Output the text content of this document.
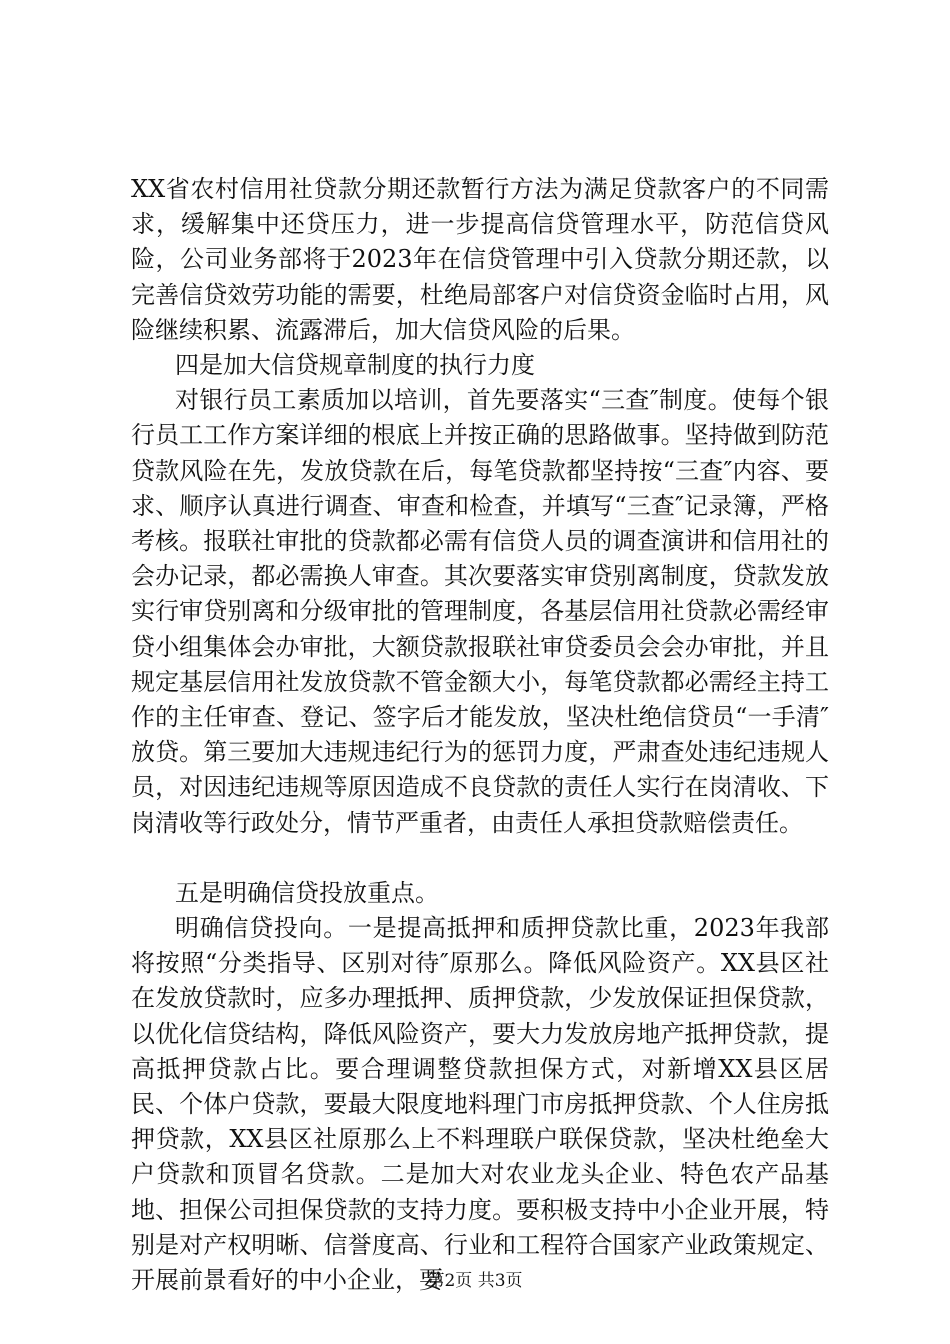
XX省农村信用社贷款分期还款暂行方法为满足贷款客户的不同需求，缓解集中还贷压力，进一步提高信贷管理水平，防范信贷风险，公司业务部将于2023年在信贷管理中引入贷款分期还款，以完善信贷效劳功能的需要，杜绝局部客户对信贷资金临时占用，风险继续积累、流露滞后，加大信贷风险的后果。

四是加大信贷规章制度的执行力度

对银行员工素质加以培训，首先要落实“三查″制度。使每个银行员工工作方案详细的根底上并按正确的思路做事。坚持做到防范贷款风险在先，发放贷款在后，每笔贷款都坚持按“三查″内容、要求、顺序认真进行调查、审查和检查，并填写“三查″记录簿，严格考核。报联社审批的贷款都必需有信贷人员的调查演讲和信用社的会办记录，都必需换人审查。其次要落实审贷别离制度，贷款发放实行审贷别离和分级审批的管理制度，各基层信用社贷款必需经审贷小组集体会办审批，大额贷款报联社审贷委员会会办审批，并且规定基层信用社发放贷款不管金额大小，每笔贷款都必需经主持工作的主任审查、登记、签字后才能发放，坚决杜绝信贷员“一手清″放贷。第三要加大违规违纪行为的惩罚力度，严肃查处违纪违规人员，对因违纪违规等原因造成不良贷款的责任人实行在岗清收、下岗清收等行政处分，情节严重者，由责任人承担贷款赔偿责任。

五是明确信贷投放重点。

明确信贷投向。一是提高抵押和质押贷款比重，2023年我部将按照“分类指导、区别对待″原那么。降低风险资产。XX县区社在发放贷款时，应多办理抵押、质押贷款，少发放保证担保贷款，以优化信贷结构，降低风险资产，要大力发放房地产抵押贷款，提高抵押贷款占比。要合理调整贷款担保方式，对新增XX县区居民、个体户贷款，要最大限度地料理门市房抵押贷款、个人住房抵押贷款，XX县区社原那么上不料理联户联保贷款，坚决杜绝垒大户贷款和顶冒名贷款。二是加大对农业龙头企业、特色农产品基地、担保公司担保贷款的支持力度。要积极支持中小企业开展，特别是对产权明晰、信誉度高、行业和工程符合国家产业政策规定、开展前景看好的中小企业，要

第2页 共3页
